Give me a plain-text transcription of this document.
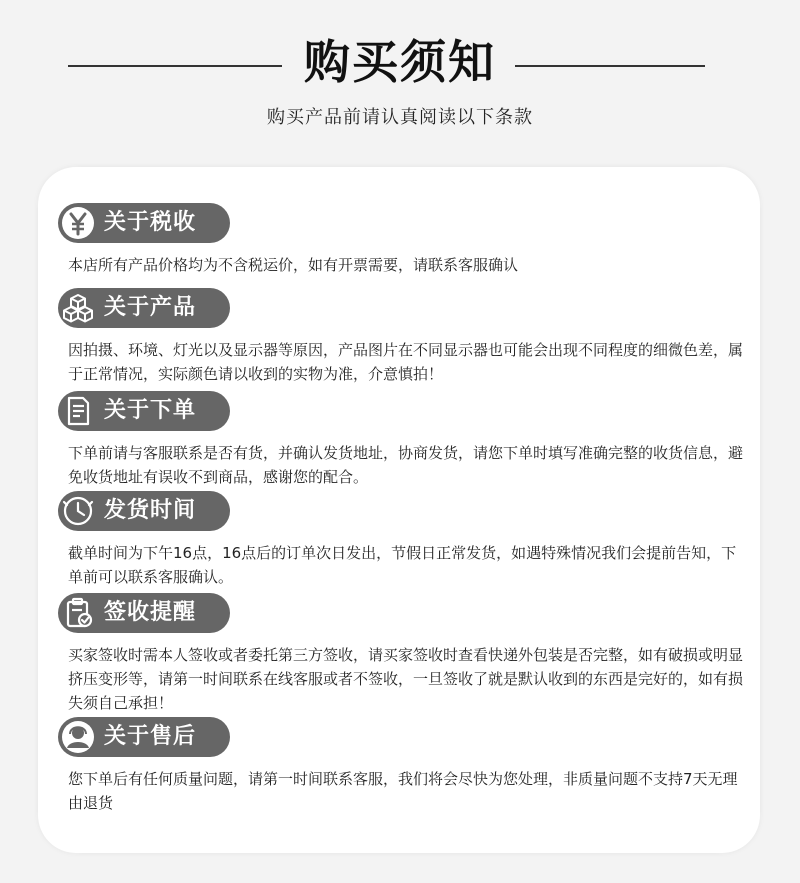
购买须知
购买产品前请认真阅读以下条款
关于税收

本店所有产品价格均为不含税运价，如有开票需要，请联系客服确认

关于产品

因拍摄、环境、灯光以及显示器等原因，产品图片在不同显示器也可能会出现不同程度的细微色差，属于正常情况，实际颜色请以收到的实物为准，介意慎拍！

关于下单

下单前请与客服联系是否有货，并确认发货地址，协商发货，请您下单时填写准确完整的收货信息，避免收货地址有误收不到商品，感谢您的配合。

发货时间

截单时间为下午16点，16点后的订单次日发出，节假日正常发货，如遇特殊情况我们会提前告知，下单前可以联系客服确认。

签收提醒

买家签收时需本人签收或者委托第三方签收，请买家签收时查看快递外包装是否完整，如有破损或明显挤压变形等，请第一时间联系在线客服或者不签收，一旦签收了就是默认收到的东西是完好的，如有损失须自己承担！

关于售后

您下单后有任何质量问题，请第一时间联系客服，我们将会尽快为您处理，非质量问题不支持7天无理由退货
